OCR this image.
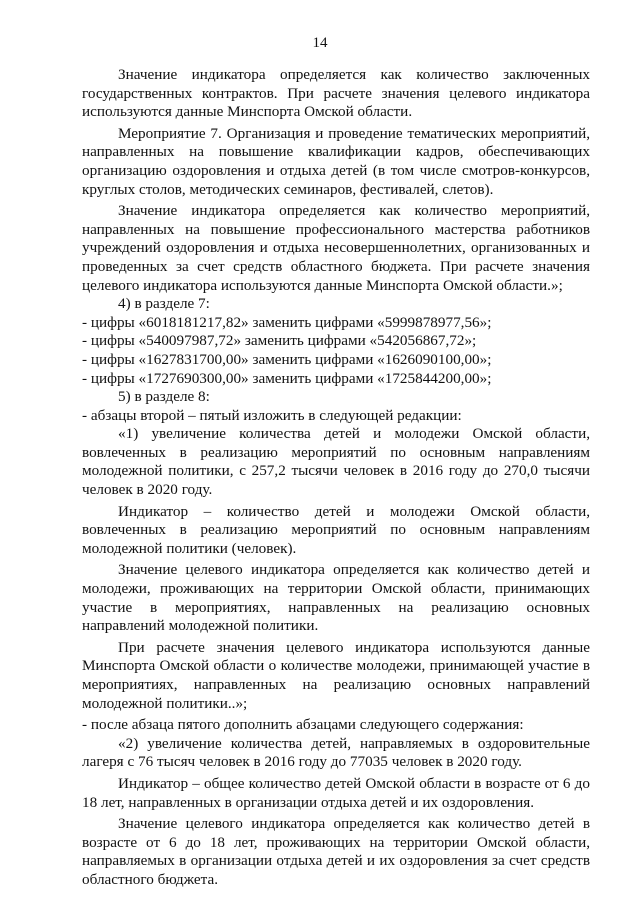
14

Значение индикатора определяется как количество заключенных государственных контрактов. При расчете значения целевого индикатора используются данные Минспорта Омской области.

Мероприятие 7. Организация и проведение тематических мероприятий, направленных на повышение квалификации кадров, обеспечивающих организацию оздоровления и отдыха детей (в том числе смотров-конкурсов, круглых столов, методических семинаров, фестивалей, слетов).

Значение индикатора определяется как количество мероприятий, направленных на повышение профессионального мастерства работников учреждений оздоровления и отдыха несовершеннолетних, организованных и проведенных за счет средств областного бюджета. При расчете значения целевого индикатора используются данные Минспорта Омской области.»;

4) в разделе 7:

- цифры «6018181217,82» заменить цифрами «5999878977,56»;

- цифры «540097987,72» заменить цифрами «542056867,72»;

- цифры «1627831700,00» заменить цифрами «1626090100,00»;

- цифры «1727690300,00» заменить цифрами «1725844200,00»;

5) в разделе 8:

- абзацы второй – пятый изложить в следующей редакции:

«1) увеличение количества детей и молодежи Омской области, вовлеченных в реализацию мероприятий по основным направлениям молодежной политики, с 257,2 тысячи человек в 2016 году до 270,0 тысячи человек в 2020 году.

Индикатор – количество детей и молодежи Омской области, вовлеченных в реализацию мероприятий по основным направлениям молодежной политики (человек).

Значение целевого индикатора определяется как количество детей и молодежи, проживающих на территории Омской области, принимающих участие в мероприятиях, направленных на реализацию основных направлений молодежной политики.

При расчете значения целевого индикатора используются данные Минспорта Омской области о количестве молодежи, принимающей участие в мероприятиях, направленных на реализацию основных направлений молодежной политики..»;

- после абзаца пятого дополнить абзацами следующего содержания:

«2) увеличение количества детей, направляемых в оздоровительные лагеря с 76 тысяч человек в 2016 году до 77035 человек в 2020 году.

Индикатор – общее количество детей Омской области в возрасте от 6 до 18 лет, направленных в организации отдыха детей и их оздоровления.

Значение целевого индикатора определяется как количество детей в возрасте от 6 до 18 лет, проживающих на территории Омской области, направляемых в организации отдыха детей и их оздоровления за счет средств областного бюджета.
